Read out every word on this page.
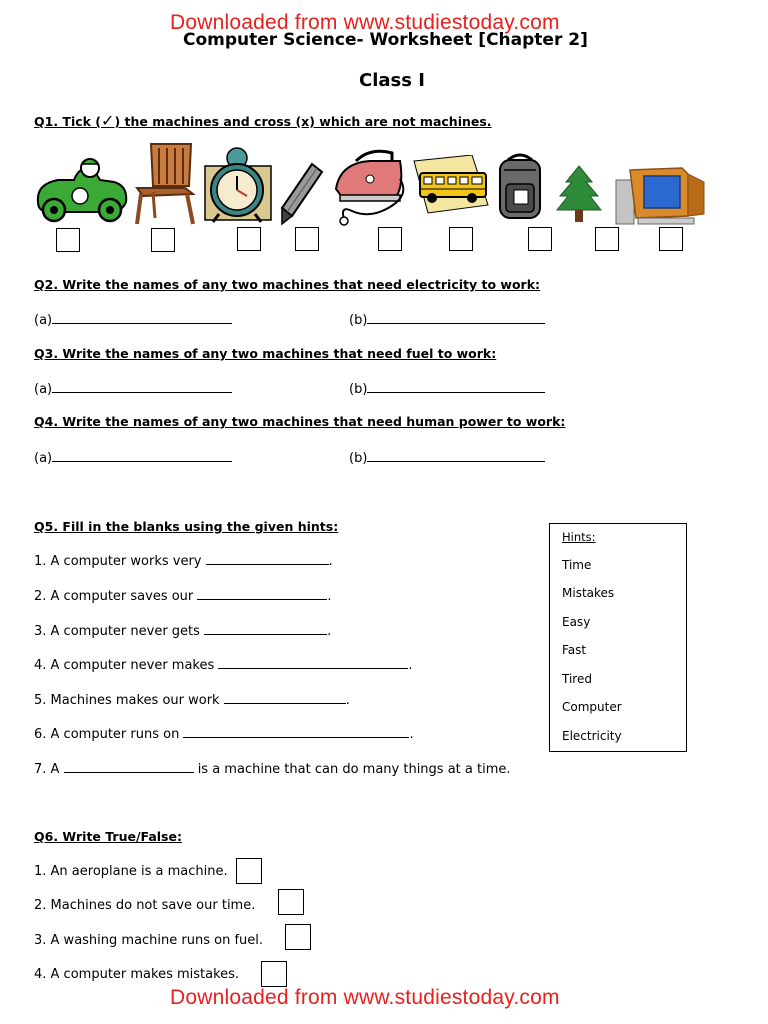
Downloaded from www.studiestoday.com
Computer Science- Worksheet [Chapter 2]
Class I
Q1. Tick (✓) the machines and cross (x) which are not machines.
Q2. Write the names of any two machines that need electricity to work:
(a)	(b)
Q3. Write the names of any two machines that need fuel to work:
(a)	(b)
Q4. Write the names of any two machines that need human power to work:
(a)	(b)
Q5. Fill in the blanks using the given hints:
1. A computer works very	.
2. A computer saves our	.
3. A computer never gets	.
4. A computer never makes	.
5. Machines makes our work	.
6. A computer runs on	.
7. A	is a machine that can do many things at a time.
Hints:
Time
Mistakes
Easy
Fast
Tired
Computer
Electricity
Q6. Write True/False:
1. An aeroplane is a machine.
2. Machines do not save our time.
3. A washing machine runs on fuel.
4. A computer makes mistakes.
Downloaded from www.studiestoday.com
